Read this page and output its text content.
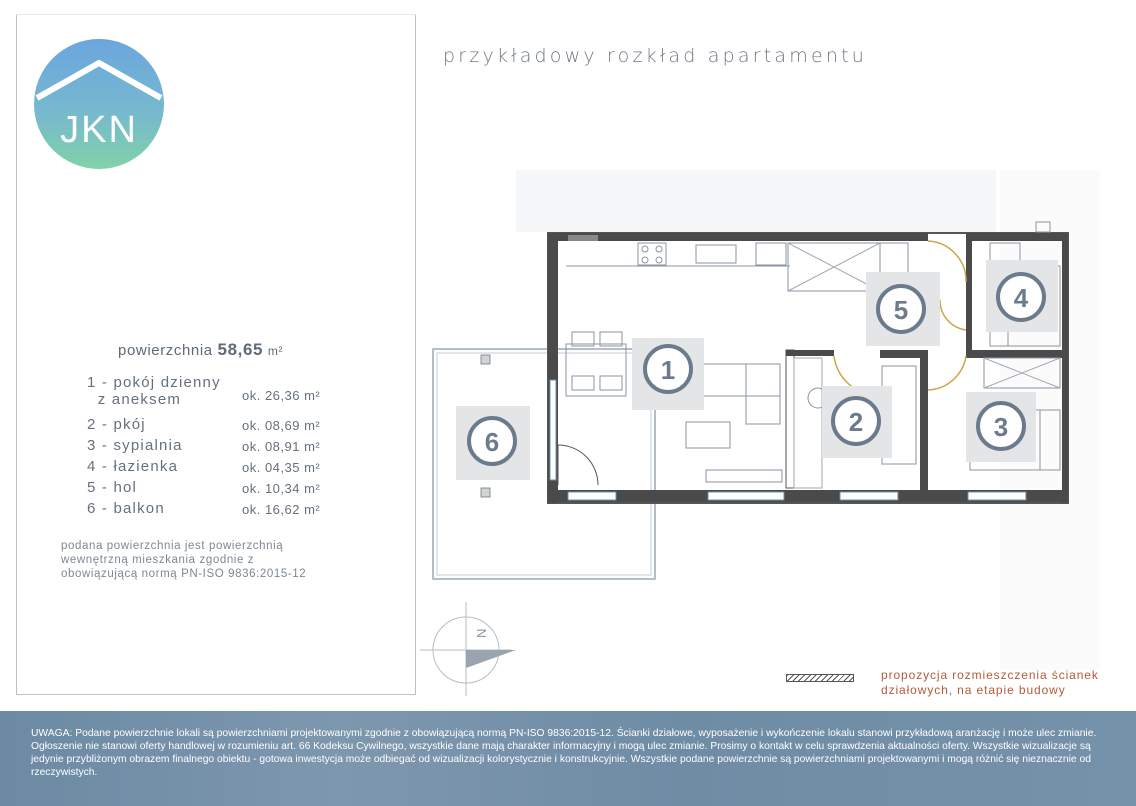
JKN
przykładowy rozkład apartamentu
powierzchnia 58,65 m²
1 - pokój dzienny
z aneksem	ok. 26,36 m²
2 - pkój	ok. 08,69 m²
3 - sypialnia	ok. 08,91 m²
4 - łazienka	ok. 04,35 m²
5 - hol	ok. 10,34 m²
6 - balkon	ok. 16,62 m²
podana powierzchnia jest powierzchnią wewnętrzną mieszkania zgodnie z obowiązującą normą PN-ISO 9836:2015-12
1
2	3
4
5
6
N
propozycja rozmieszczenia ścianek
działowych, na etapie budowy
UWAGA: Podane powierzchnie lokali są powierzchniami projektowanymi zgodnie z obowiązującą normą PN-ISO 9836:2015-12. Ścianki działowe, wyposażenie i wykończenie lokalu stanowi przykładową aranżację i może ulec zmianie. Ogłoszenie nie stanowi oferty handlowej w rozumieniu art. 66 Kodeksu Cywilnego, wszystkie dane mają charakter informacyjny i mogą ulec zmianie. Prosimy o kontakt w celu sprawdzenia aktualności oferty. Wszystkie wizualizacje są jedynie przybliżonym obrazem finalnego obiektu - gotowa inwestycja może odbiegać od wizualizacji kolorystycznie i konstrukcyjnie. Wszystkie podane powierzchnie są powierzchniami projektowanymi i mogą różnić się nieznacznie od rzeczywistych.
